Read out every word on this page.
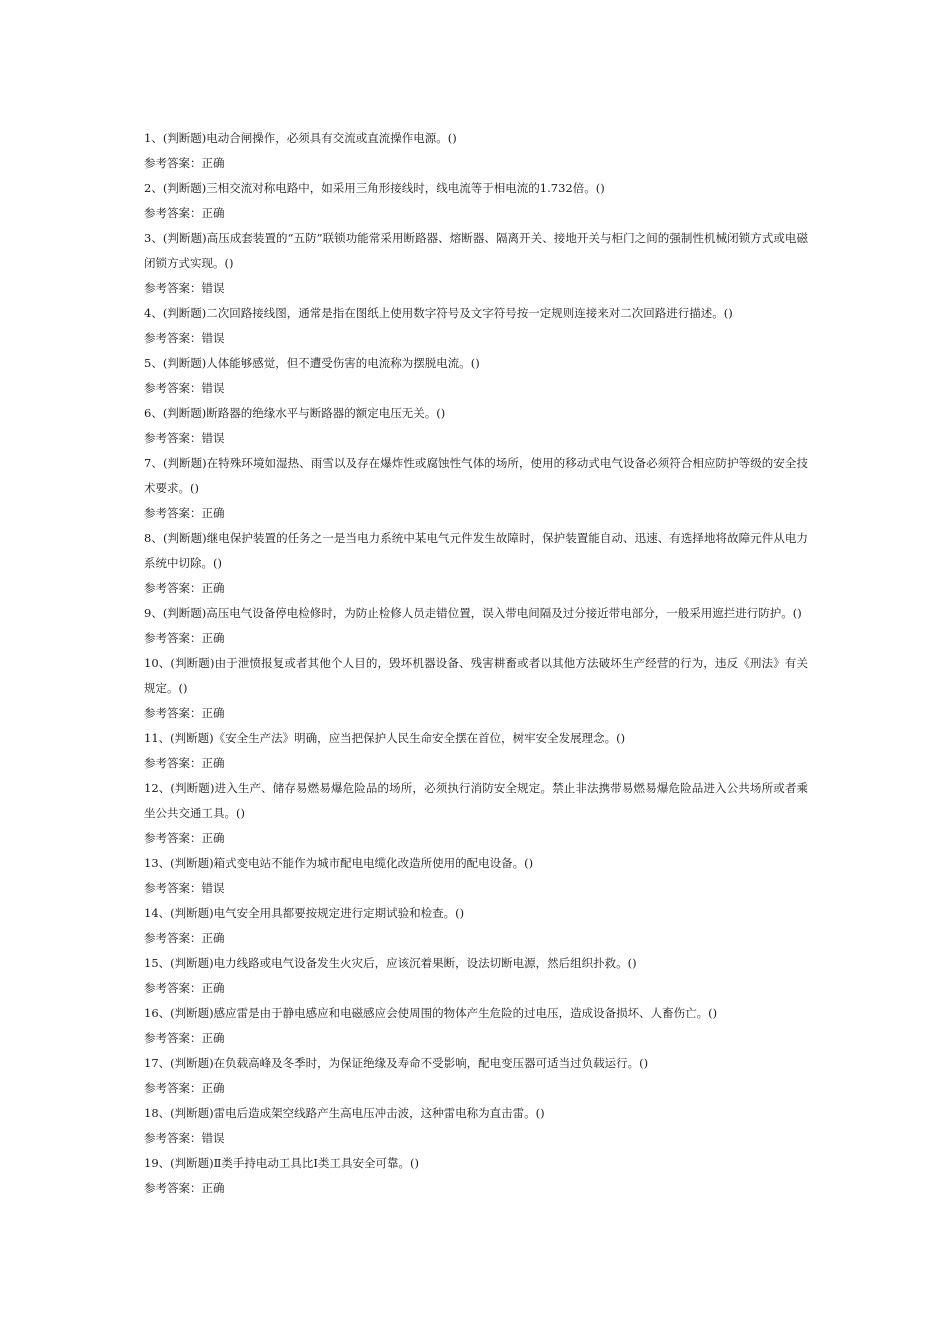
1、(判断题)电动合闸操作，必须具有交流或直流操作电源。()

参考答案：正确

2、(判断题)三相交流对称电路中，如采用三角形接线时，线电流等于相电流的1.732倍。()

参考答案：正确

3、(判断题)高压成套装置的“五防”联锁功能常采用断路器、熔断器、隔离开关、接地开关与柜门之间的强制性机械闭锁方式或电磁闭锁方式实现。()

参考答案：错误

4、(判断题)二次回路接线图，通常是指在图纸上使用数字符号及文字符号按一定规则连接来对二次回路进行描述。()

参考答案：错误

5、(判断题)人体能够感觉，但不遭受伤害的电流称为摆脱电流。()

参考答案：错误

6、(判断题)断路器的绝缘水平与断路器的额定电压无关。()

参考答案：错误

7、(判断题)在特殊环境如湿热、雨雪以及存在爆炸性或腐蚀性气体的场所，使用的移动式电气设备必须符合相应防护等级的安全技术要求。()

参考答案：正确

8、(判断题)继电保护装置的任务之一是当电力系统中某电气元件发生故障时，保护装置能自动、迅速、有选择地将故障元件从电力系统中切除。()

参考答案：正确

9、(判断题)高压电气设备停电检修时，为防止检修人员走错位置，误入带电间隔及过分接近带电部分，一般采用遮拦进行防护。()

参考答案：正确

10、(判断题)由于泄愤报复或者其他个人目的，毁坏机器设备、残害耕畜或者以其他方法破坏生产经营的行为，违反《刑法》有关规定。()

参考答案：正确

11、(判断题)《安全生产法》明确，应当把保护人民生命安全摆在首位，树牢安全发展理念。()

参考答案：正确

12、(判断题)进入生产、储存易燃易爆危险品的场所，必须执行消防安全规定。禁止非法携带易燃易爆危险品进入公共场所或者乘坐公共交通工具。()

参考答案：正确

13、(判断题)箱式变电站不能作为城市配电电缆化改造所使用的配电设备。()

参考答案：错误

14、(判断题)电气安全用具都要按规定进行定期试验和检查。()

参考答案：正确

15、(判断题)电力线路或电气设备发生火灾后，应该沉着果断，设法切断电源，然后组织扑救。()

参考答案：正确

16、(判断题)感应雷是由于静电感应和电磁感应会使周围的物体产生危险的过电压，造成设备损坏、人畜伤亡。()

参考答案：正确

17、(判断题)在负载高峰及冬季时，为保证绝缘及寿命不受影响，配电变压器可适当过负载运行。()

参考答案：正确

18、(判断题)雷电后造成架空线路产生高电压冲击波，这种雷电称为直击雷。()

参考答案：错误

19、(判断题)Ⅱ类手持电动工具比Ⅰ类工具安全可靠。()

参考答案：正确
